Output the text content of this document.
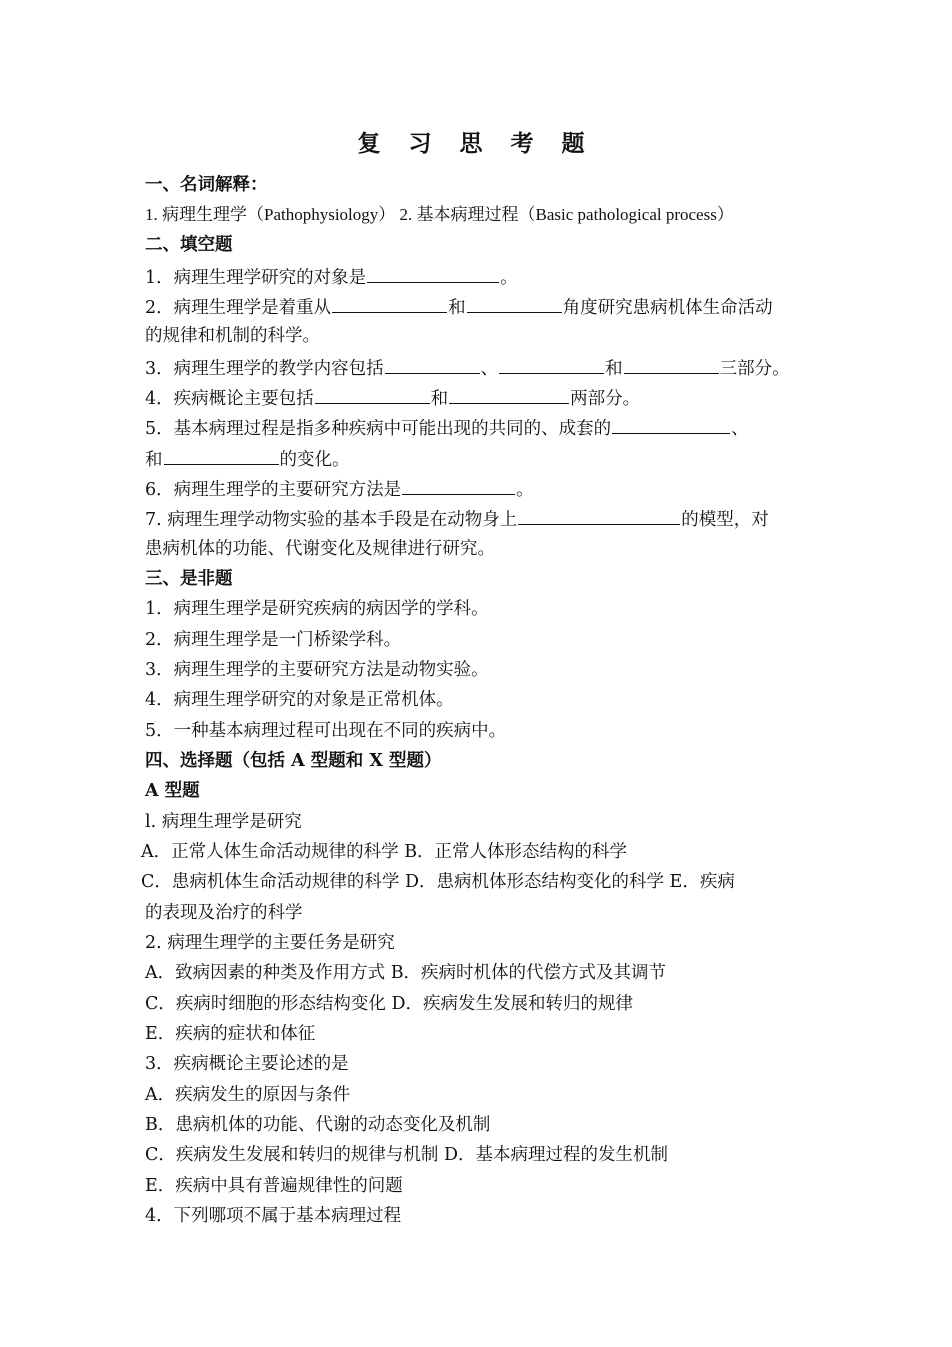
复 习 思 考 题
一、名词解释：
1. 病理生理学（Pathophysiology） 2. 基本病理过程（Basic pathological process）
二、填空题
1．病理生理学研究的对象是	。
2．病理生理学是着重从	和	角度研究患病机体生命活动
的规律和机制的科学。
3．病理生理学的教学内容包括	、	和	三部分。
4．疾病概论主要包括	和	两部分。
5．基本病理过程是指多种疾病中可能出现的共同的、成套的	、
和	的变化。
6．病理生理学的主要研究方法是	。
7. 病理生理学动物实验的基本手段是在动物身上	的模型，对
患病机体的功能、代谢变化及规律进行研究。
三、是非题
1．病理生理学是研究疾病的病因学的学科。
2．病理生理学是一门桥梁学科。
3．病理生理学的主要研究方法是动物实验。
4．病理生理学研究的对象是正常机体。
5．一种基本病理过程可出现在不同的疾病中。
四、选择题（包括 A 型题和 X 型题）
A 型题
l. 病理生理学是研究
A．正常人体生命活动规律的科学 B．正常人体形态结构的科学
C．患病机体生命活动规律的科学 D．患病机体形态结构变化的科学 E．疾病
的表现及治疗的科学
2. 病理生理学的主要任务是研究
A．致病因素的种类及作用方式 B．疾病时机体的代偿方式及其调节
C．疾病时细胞的形态结构变化 D．疾病发生发展和转归的规律
E．疾病的症状和体征
3．疾病概论主要论述的是
A．疾病发生的原因与条件
B．患病机体的功能、代谢的动态变化及机制
C．疾病发生发展和转归的规律与机制 D．基本病理过程的发生机制
E．疾病中具有普遍规律性的问题
4．下列哪项不属于基本病理过程
